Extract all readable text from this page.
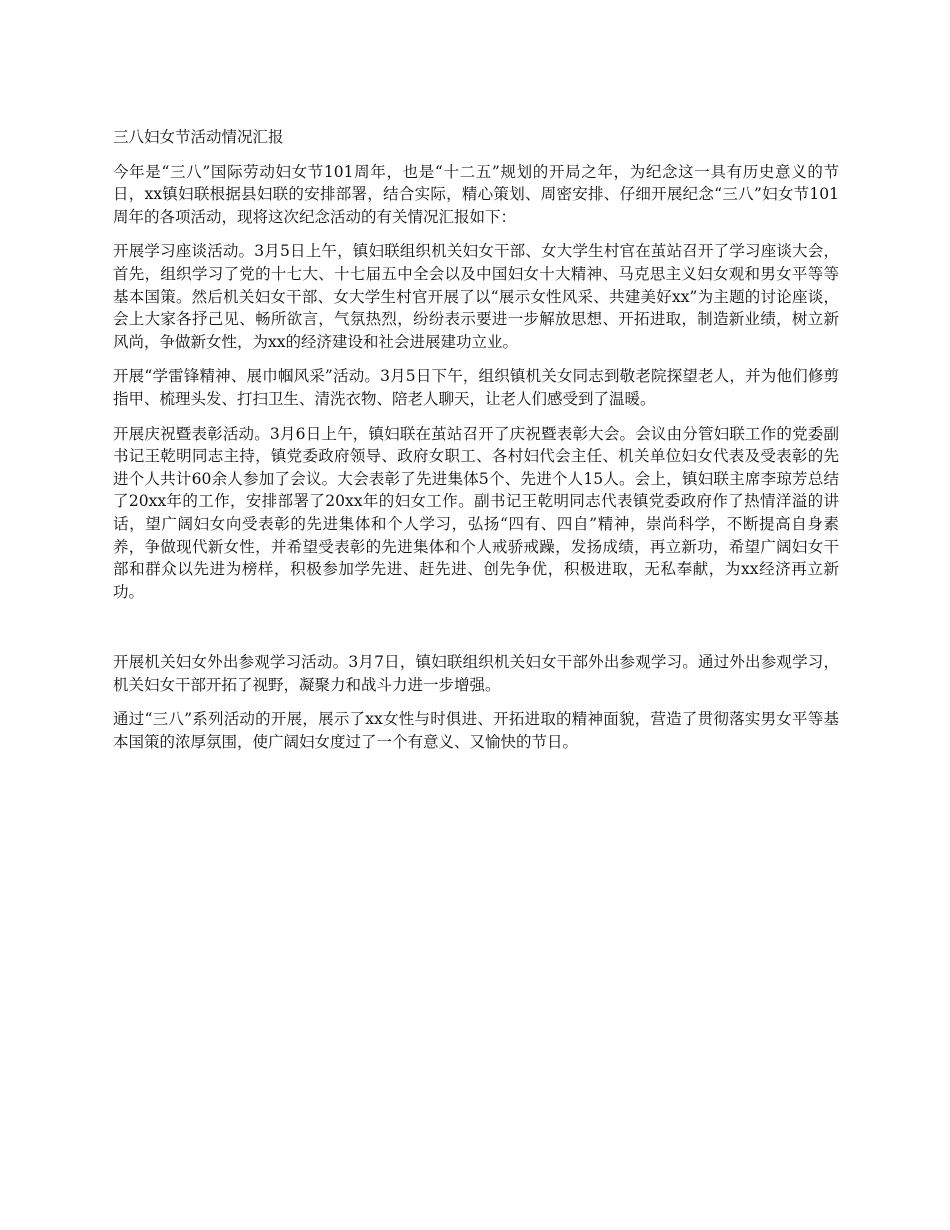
三八妇女节活动情况汇报
今年是“三八”国际劳动妇女节101周年，也是“十二五”规划的开局之年，为纪念这一具有历史意义的节日，xx镇妇联根据县妇联的安排部署，结合实际，精心策划、周密安排、仔细开展纪念“三八”妇女节101周年的各项活动，现将这次纪念活动的有关情况汇报如下：
开展学习座谈活动。3月5日上午，镇妇联组织机关妇女干部、女大学生村官在茧站召开了学习座谈大会，首先，组织学习了党的十七大、十七届五中全会以及中国妇女十大精神、马克思主义妇女观和男女平等等基本国策。然后机关妇女干部、女大学生村官开展了以“展示女性风采、共建美好xx”为主题的讨论座谈，会上大家各抒己见、畅所欲言，气氛热烈，纷纷表示要进一步解放思想、开拓进取，制造新业绩，树立新风尚，争做新女性，为xx的经济建设和社会进展建功立业。
开展“学雷锋精神、展巾帼风采”活动。3月5日下午，组织镇机关女同志到敬老院探望老人，并为他们修剪指甲、梳理头发、打扫卫生、清洗衣物、陪老人聊天，让老人们感受到了温暖。
开展庆祝暨表彰活动。3月6日上午，镇妇联在茧站召开了庆祝暨表彰大会。会议由分管妇联工作的党委副书记王乾明同志主持，镇党委政府领导、政府女职工、各村妇代会主任、机关单位妇女代表及受表彰的先进个人共计60余人参加了会议。大会表彰了先进集体5个、先进个人15人。会上，镇妇联主席李琼芳总结了20xx年的工作，安排部署了20xx年的妇女工作。副书记王乾明同志代表镇党委政府作了热情洋溢的讲话，望广阔妇女向受表彰的先进集体和个人学习，弘扬“四有、四自”精神，崇尚科学，不断提高自身素养，争做现代新女性，并希望受表彰的先进集体和个人戒骄戒躁，发扬成绩，再立新功，希望广阔妇女干部和群众以先进为榜样，积极参加学先进、赶先进、创先争优，积极进取，无私奉献，为xx经济再立新功。
开展机关妇女外出参观学习活动。3月7日，镇妇联组织机关妇女干部外出参观学习。通过外出参观学习，机关妇女干部开拓了视野，凝聚力和战斗力进一步增强。
通过“三八”系列活动的开展，展示了xx女性与时俱进、开拓进取的精神面貌，营造了贯彻落实男女平等基本国策的浓厚氛围，使广阔妇女度过了一个有意义、又愉快的节日。
